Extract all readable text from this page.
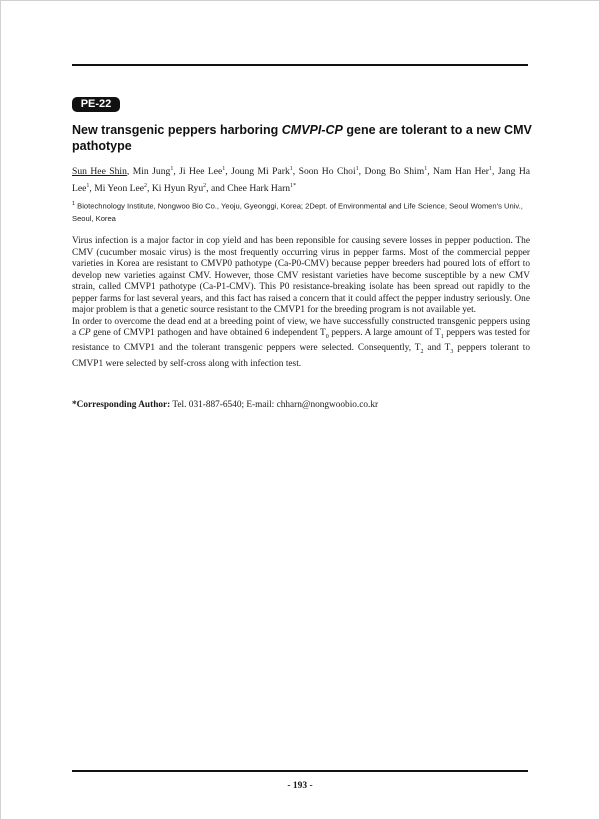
PE-22
New transgenic peppers harboring CMVPI-CP gene are tolerant to a new CMV pathotype
Sun Hee Shin, Min Jung$^1$, Ji Hee Lee$^1$, Joung Mi Park$^1$, Soon Ho Choi$^1$, Dong Bo Shim$^1$, Nam Han Her$^1$, Jang Ha Lee$^1$, Mi Yeon Lee$^2$, Ki Hyun Ryu$^2$, and Chee Hark Harn$^{1*}$
$^1$ Biotechnology Institute, Nongwoo Bio Co., Yeoju, Gyeonggi, Korea; 2Dept. of Environmental and Life Science, Seoul Women's Univ., Seoul, Korea

Virus infection is a major factor in cop yield and has been reponsible for causing severe losses in pepper poduction. The CMV (cucumber mosaic virus) is the most frequently occurring virus in pepper farms. Most of the commercial pepper varieties in Korea are resistant to CMVP0 pathotype (Ca-P0-CMV) because pepper breeders had poured lots of effort to develop new varieties against CMV. However, those CMV resistant varieties have become susceptible by a new CMV strain, called CMVP1 pathotype (Ca-P1-CMV). This P0 resistance-breaking isolate has been spread out rapidly to the pepper farms for last several years, and this fact has raised a concern that it could affect the pepper industry seriously. One major problem is that a genetic source resistant to the CMVP1 for the breeding program is not available yet.

In order to overcome the dead end at a breeding point of view, we have successfully constructed transgenic peppers using a CP gene of CMVP1 pathogen and have obtained 6 independent $T_0$ peppers. A large amount of $T_1$ peppers was tested for resistance to CMVP1 and the tolerant transgenic peppers were selected. Consequently, $T_2$ and $T_3$ peppers tolerant to CMVP1 were selected by self-cross along with infection test.

*Corresponding Author: Tel. 031-887-6540; E-mail: chharn@nongwoobio.co.kr
- 193 -
